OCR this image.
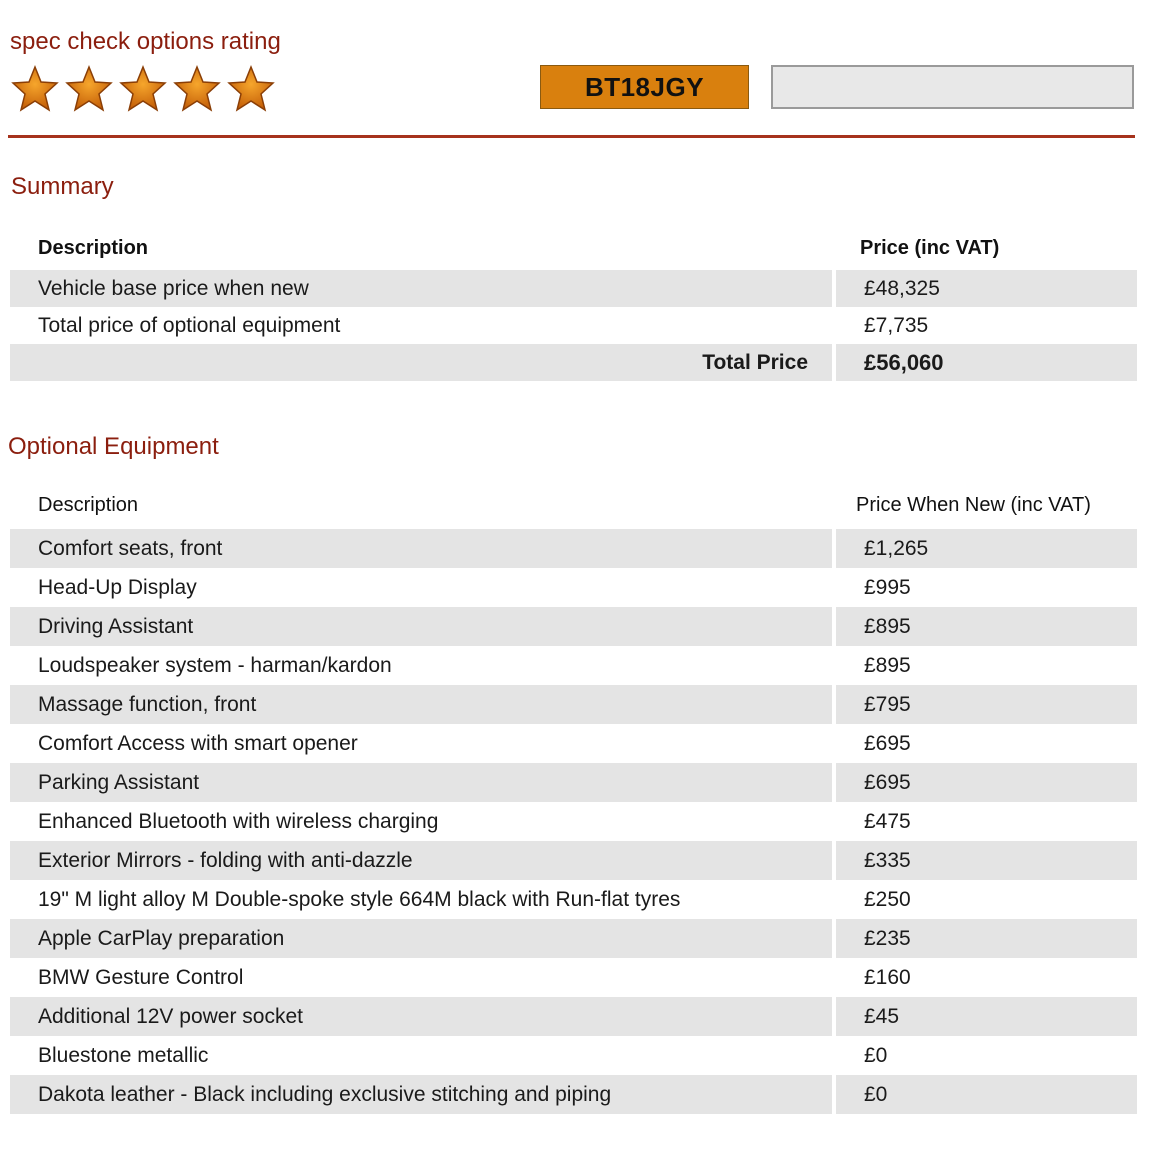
spec check options rating
BT18JGY
Summary
Description	Price (inc VAT)
Vehicle base price when new	£48,325
Total price of optional equipment	£7,735
Total Price	£56,060
Optional Equipment
Description	Price When New (inc VAT)
Comfort seats, front	£1,265
Head-Up Display	£995
Driving Assistant	£895
Loudspeaker system - harman/kardon	£895
Massage function, front	£795
Comfort Access with smart opener	£695
Parking Assistant	£695
Enhanced Bluetooth with wireless charging	£475
Exterior Mirrors - folding with anti-dazzle	£335
19" M light alloy M Double-spoke style 664M black with Run-flat tyres	£250
Apple CarPlay preparation	£235
BMW Gesture Control	£160
Additional 12V power socket	£45
Bluestone metallic	£0
Dakota leather - Black including exclusive stitching and piping	£0
